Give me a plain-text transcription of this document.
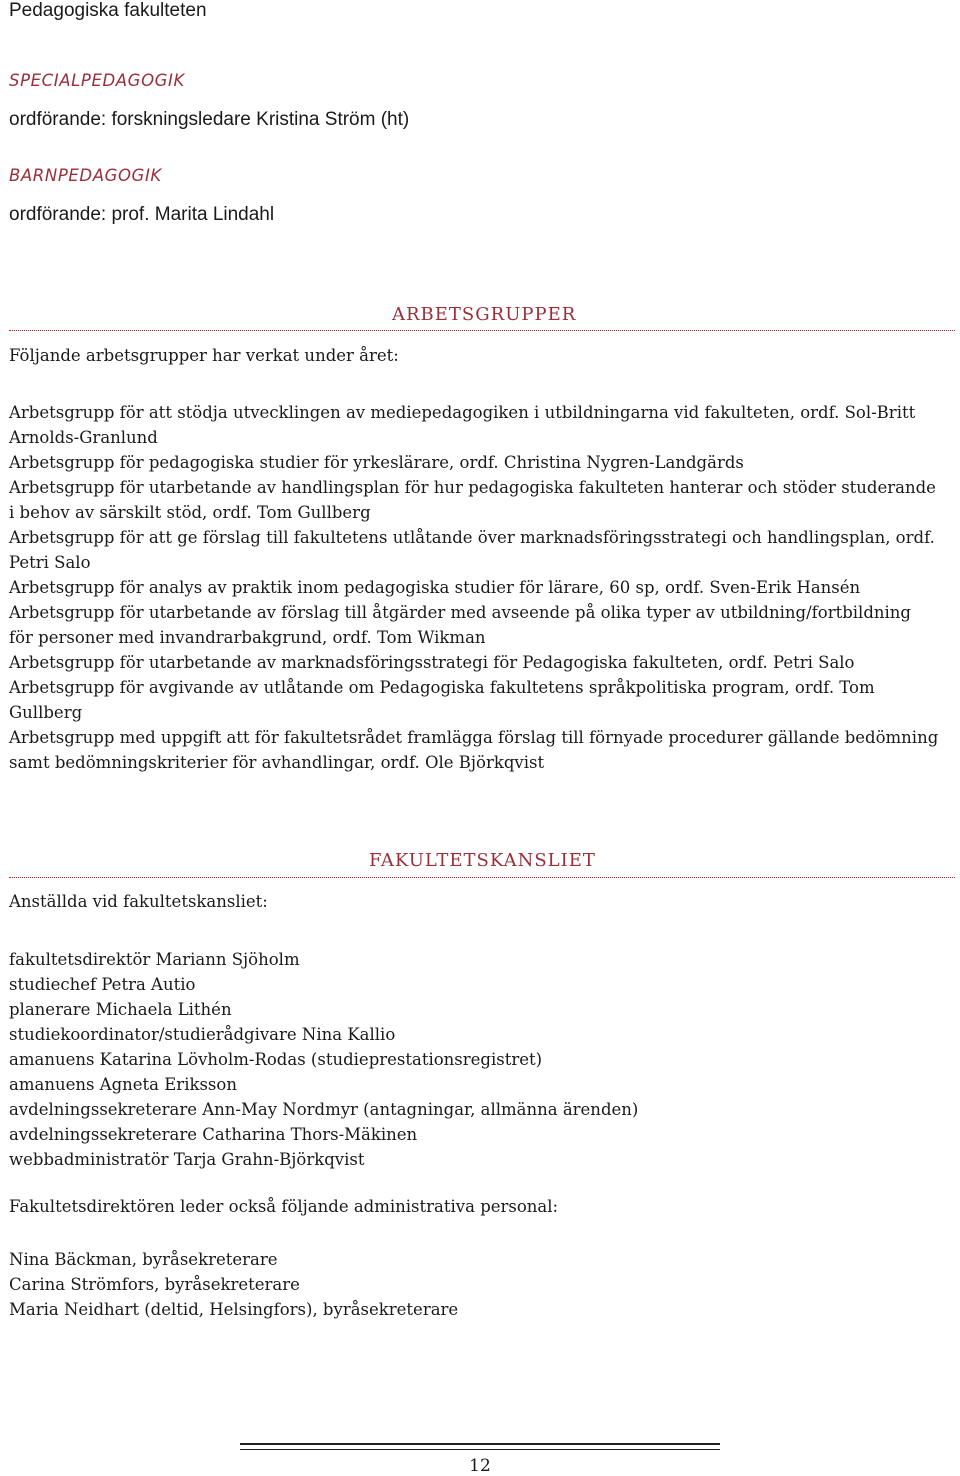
Pedagogiska fakulteten
SPECIALPEDAGOGIK
ordförande: forskningsledare Kristina Ström (ht)
BARNPEDAGOGIK
ordförande: prof. Marita Lindahl
ARBETSGRUPPER
Följande arbetsgrupper har verkat under året:
Arbetsgrupp för att stödja utvecklingen av mediepedagogiken i utbildningarna vid fakulteten, ordf. Sol-Britt Arnolds-Granlund
Arbetsgrupp för pedagogiska studier för yrkeslärare, ordf. Christina Nygren-Landgärds
Arbetsgrupp för utarbetande av handlingsplan för hur pedagogiska fakulteten hanterar och stöder studerande i behov av särskilt stöd, ordf. Tom Gullberg
Arbetsgrupp för att ge förslag till fakultetens utlåtande över marknadsföringsstrategi och handlingsplan, ordf. Petri Salo
Arbetsgrupp för analys av praktik inom pedagogiska studier för lärare, 60 sp, ordf. Sven-Erik Hansén
Arbetsgrupp för utarbetande av förslag till åtgärder med avseende på olika typer av utbildning/fortbildning för personer med invandrarbakgrund, ordf. Tom Wikman
Arbetsgrupp för utarbetande av marknadsföringsstrategi för Pedagogiska fakulteten, ordf. Petri Salo
Arbetsgrupp för avgivande av utlåtande om Pedagogiska fakultetens språkpolitiska program, ordf. Tom Gullberg
Arbetsgrupp med uppgift att för fakultetsrådet framlägga förslag till förnyade procedurer gällande bedömning samt bedömningskriterier för avhandlingar, ordf. Ole Björkqvist
FAKULTETSKANSLIET
Anställda vid fakultetskansliet:
fakultetsdirektör Mariann Sjöholm
studiechef Petra Autio
planerare Michaela Lithén
studiekoordinator/studierådgivare Nina Kallio
amanuens Katarina Lövholm-Rodas (studieprestationsregistret)
amanuens Agneta Eriksson
avdelningssekreterare Ann-May Nordmyr (antagningar, allmänna ärenden)
avdelningssekreterare Catharina Thors-Mäkinen
webbadministratör Tarja Grahn-Björkqvist
Fakultetsdirektören leder också följande administrativa personal:
Nina Bäckman, byråsekreterare
Carina Strömfors, byråsekreterare
Maria Neidhart (deltid, Helsingfors), byråsekreterare
12
